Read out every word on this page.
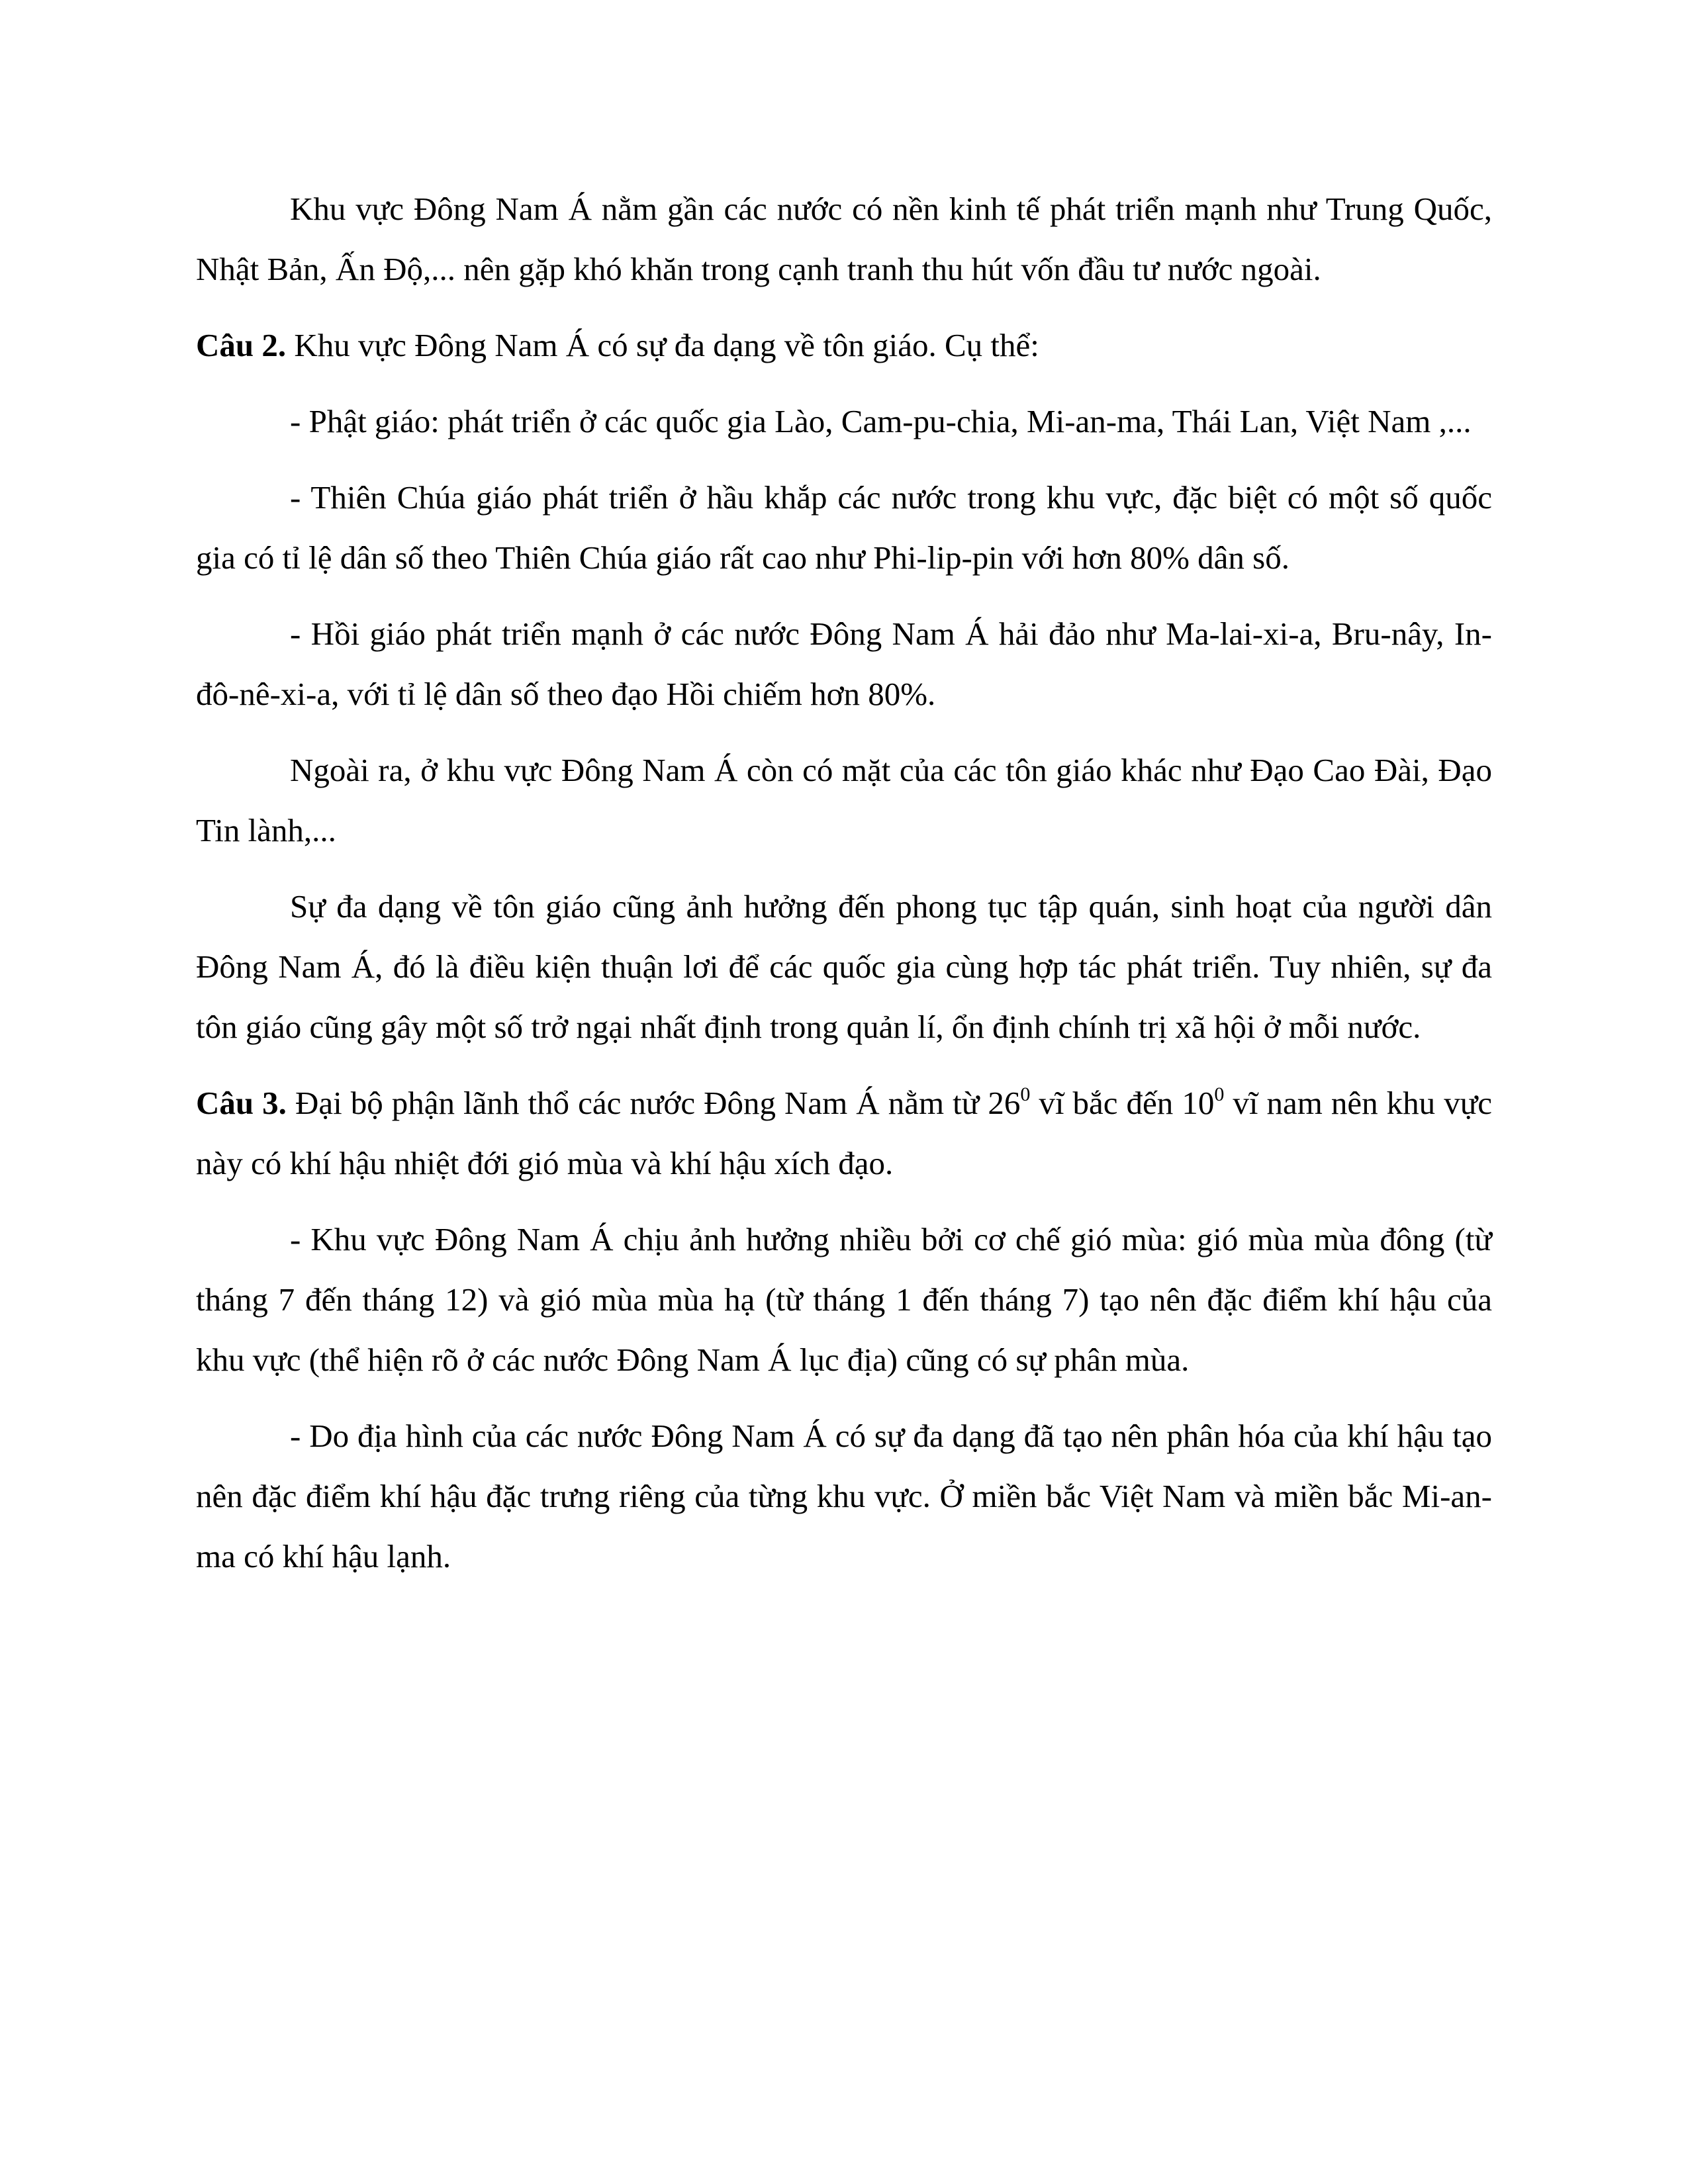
Khu vực Đông Nam Á nằm gần các nước có nền kinh tế phát triển mạnh như Trung Quốc, Nhật Bản, Ấn Độ,... nên gặp khó khăn trong cạnh tranh thu hút vốn đầu tư nước ngoài.

Câu 2. Khu vực Đông Nam Á có sự đa dạng về tôn giáo. Cụ thể:

- Phật giáo: phát triển ở các quốc gia Lào, Cam-pu-chia, Mi-an-ma, Thái Lan, Việt Nam ,...

- Thiên Chúa giáo phát triển ở hầu khắp các nước trong khu vực, đặc biệt có một số quốc gia có tỉ lệ dân số theo Thiên Chúa giáo rất cao như Phi-lip-pin với hơn 80% dân số.

- Hồi giáo phát triển mạnh ở các nước Đông Nam Á hải đảo như Ma-lai-xi-a, Bru-nây, In-đô-nê-xi-a, với tỉ lệ dân số theo đạo Hồi chiếm hơn 80%.

Ngoài ra, ở khu vực Đông Nam Á còn có mặt của các tôn giáo khác như Đạo Cao Đài, Đạo Tin lành,...

Sự đa dạng về tôn giáo cũng ảnh hưởng đến phong tục tập quán, sinh hoạt của người dân Đông Nam Á, đó là điều kiện thuận lơi để các quốc gia cùng hợp tác phát triển. Tuy nhiên, sự đa tôn giáo cũng gây một số trở ngại nhất định trong quản lí, ổn định chính trị xã hội ở mỗi nước.

Câu 3. Đại bộ phận lãnh thổ các nước Đông Nam Á nằm từ $26^0$ vĩ bắc đến $10^0$ vĩ nam nên khu vực này có khí hậu nhiệt đới gió mùa và khí hậu xích đạo.

- Khu vực Đông Nam Á chịu ảnh hưởng nhiều bởi cơ chế gió mùa: gió mùa mùa đông (từ tháng 7 đến tháng 12) và gió mùa mùa hạ (từ tháng 1 đến tháng 7) tạo nên đặc điểm khí hậu của khu vực (thể hiện rõ ở các nước Đông Nam Á lục địa) cũng có sự phân mùa.

- Do địa hình của các nước Đông Nam Á có sự đa dạng đã tạo nên phân hóa của khí hậu tạo nên đặc điểm khí hậu đặc trưng riêng của từng khu vực. Ở miền bắc Việt Nam và miền bắc Mi-an-ma có khí hậu lạnh.
